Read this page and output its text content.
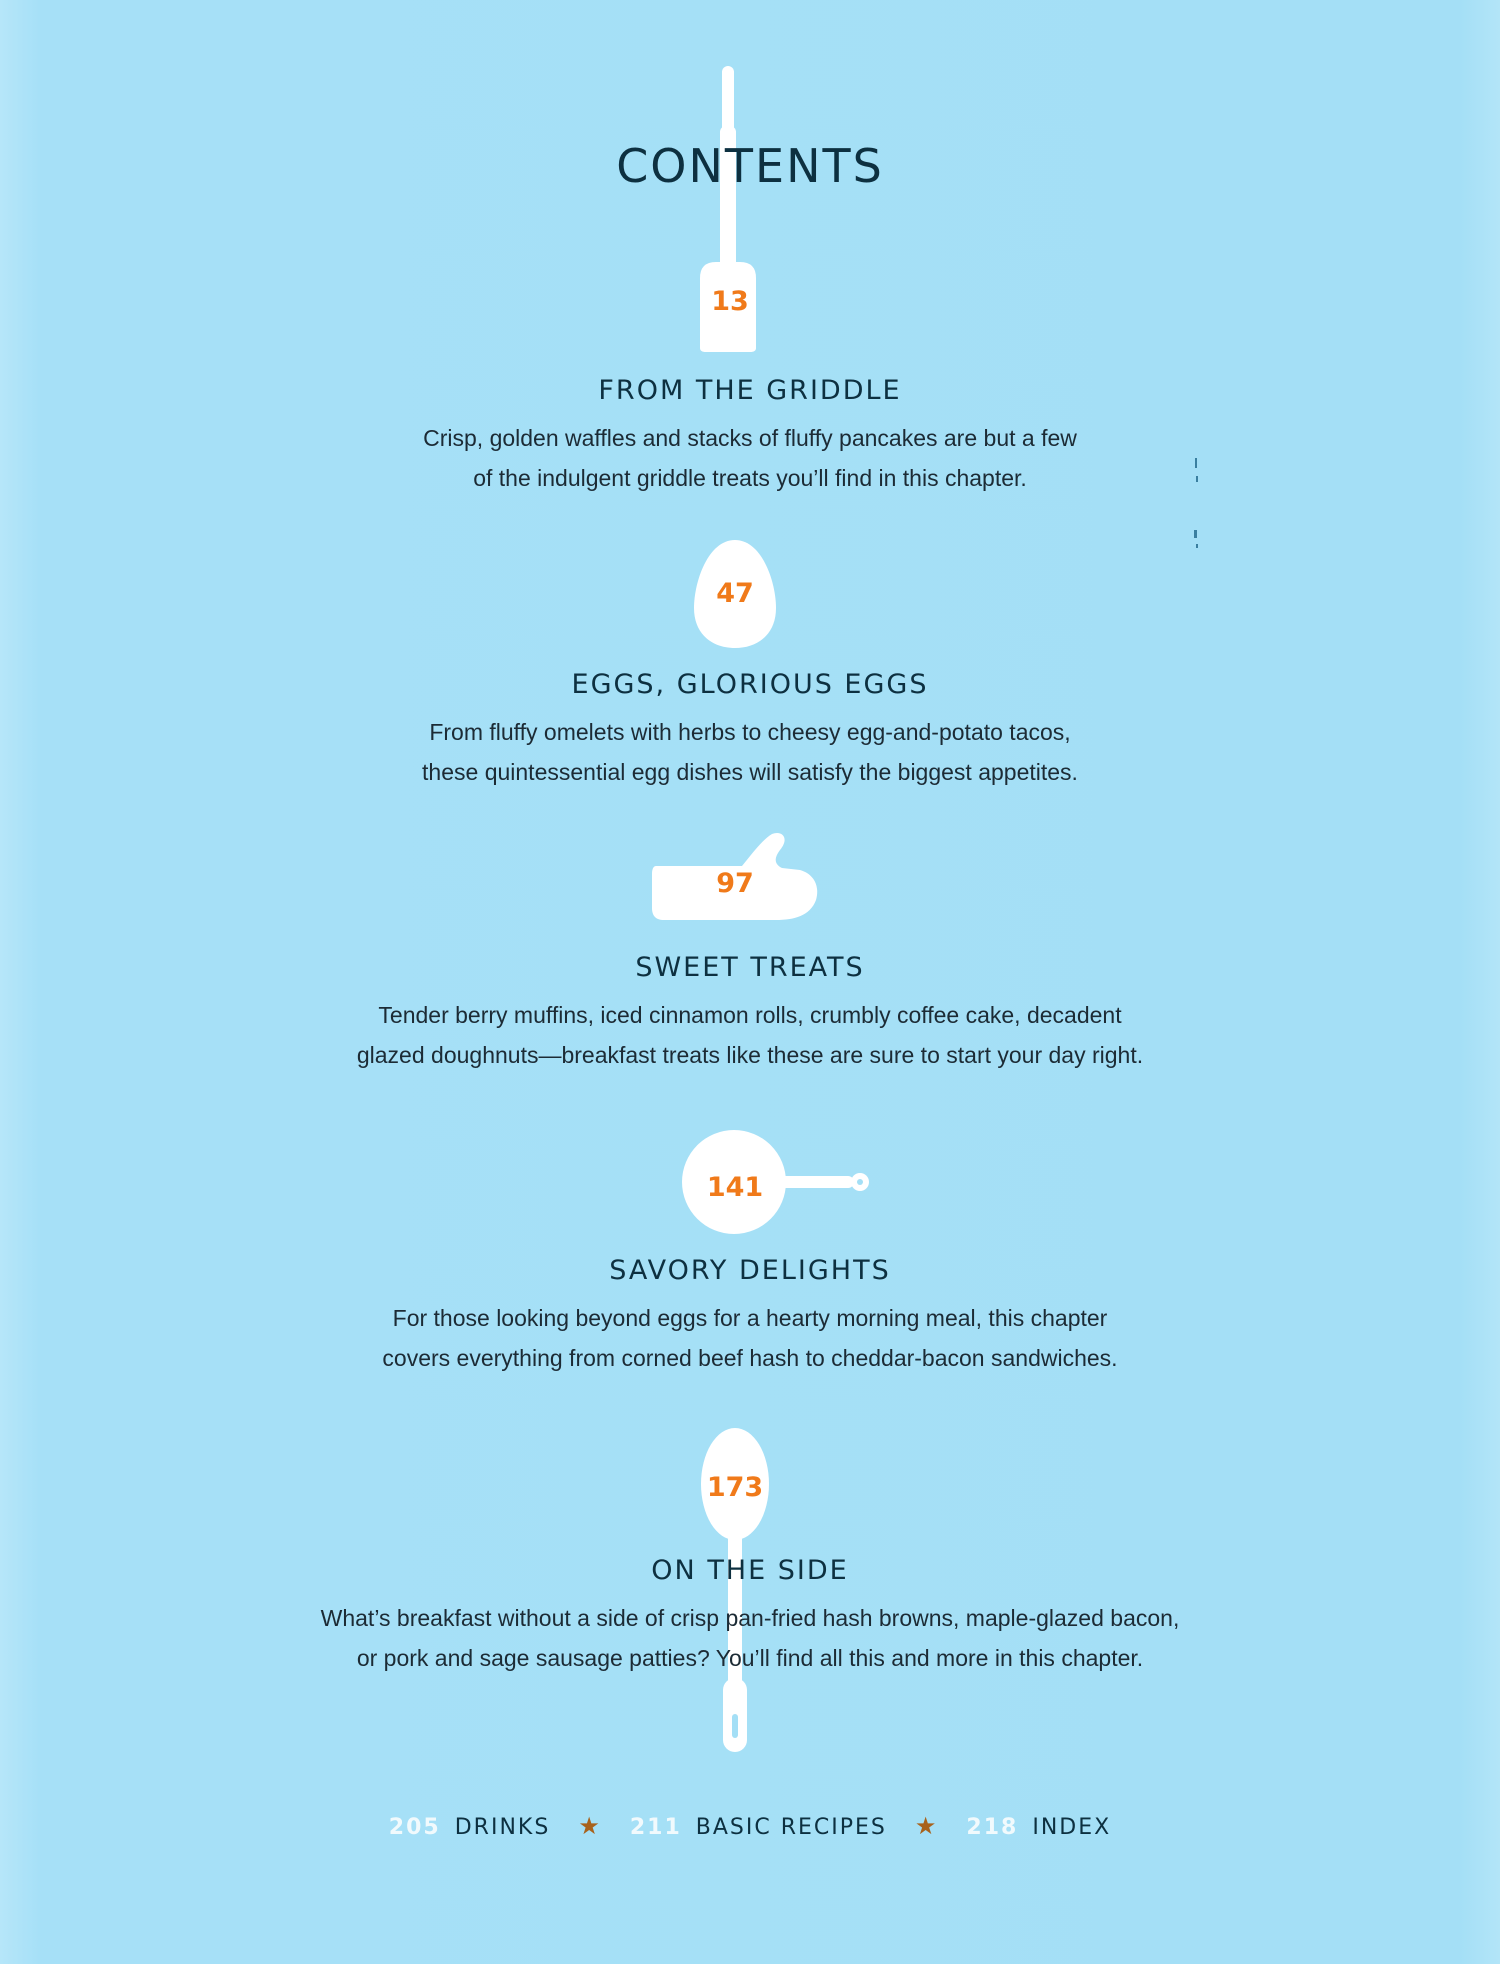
CONTENTS
13
FROM THE GRIDDLE
Crisp, golden waffles and stacks of fluffy pancakes are but a few
of the indulgent griddle treats you’ll find in this chapter.
47
EGGS, GLORIOUS EGGS
From fluffy omelets with herbs to cheesy egg-and-potato tacos,
these quintessential egg dishes will satisfy the biggest appetites.
97
SWEET TREATS
Tender berry muffins, iced cinnamon rolls, crumbly coffee cake, decadent
glazed doughnuts—breakfast treats like these are sure to start your day right.
141
SAVORY DELIGHTS
For those looking beyond eggs for a hearty morning meal, this chapter
covers everything from corned beef hash to cheddar-bacon sandwiches.
173
ON THE SIDE
What’s breakfast without a side of crisp pan-fried hash browns, maple-glazed bacon,
or pork and sage sausage patties? You’ll find all this and more in this chapter.
205 DRINKS ★ 211 BASIC RECIPES ★ 218 INDEX
